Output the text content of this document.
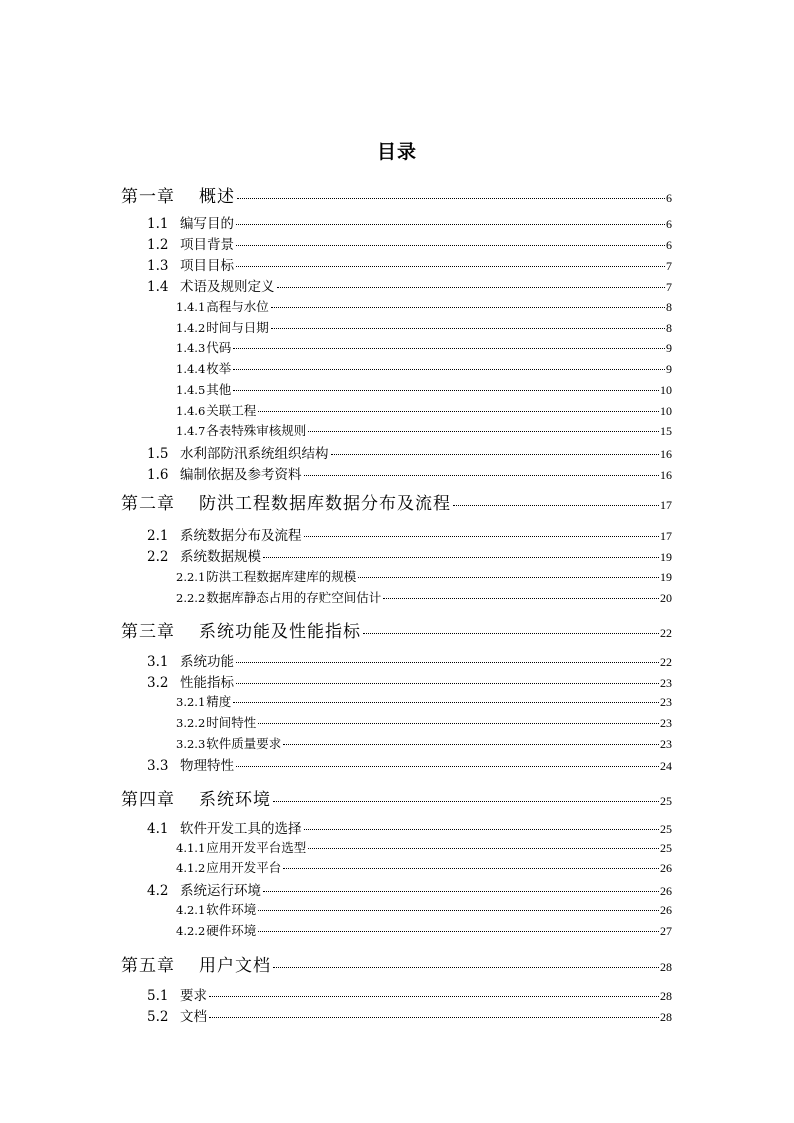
目录
第一章	概述	6
1.1 编写目的	6
1.2 项目背景	6
1.3 项目目标	7
1.4 术语及规则定义	7
1.4.1 高程与水位	8
1.4.2 时间与日期	8
1.4.3 代码	9
1.4.4 枚举	9
1.4.5 其他	10
1.4.6 关联工程	10
1.4.7 各表特殊审核规则	15
1.5 水利部防汛系统组织结构	16
1.6 编制依据及参考资料	16
第二章	防洪工程数据库数据分布及流程	17
2.1 系统数据分布及流程	17
2.2 系统数据规模	19
2.2.1 防洪工程数据库建库的规模	19
2.2.2 数据库静态占用的存贮空间估计	20
第三章	系统功能及性能指标	22
3.1 系统功能	22
3.2 性能指标	23
3.2.1 精度	23
3.2.2 时间特性	23
3.2.3 软件质量要求	23
3.3 物理特性	24
第四章	系统环境	25
4.1 软件开发工具的选择	25
4.1.1 应用开发平台选型	25
4.1.2 应用开发平台	26
4.2 系统运行环境	26
4.2.1 软件环境	26
4.2.2 硬件环境	27
第五章	用户文档	28
5.1 要求	28
5.2 文档	28
